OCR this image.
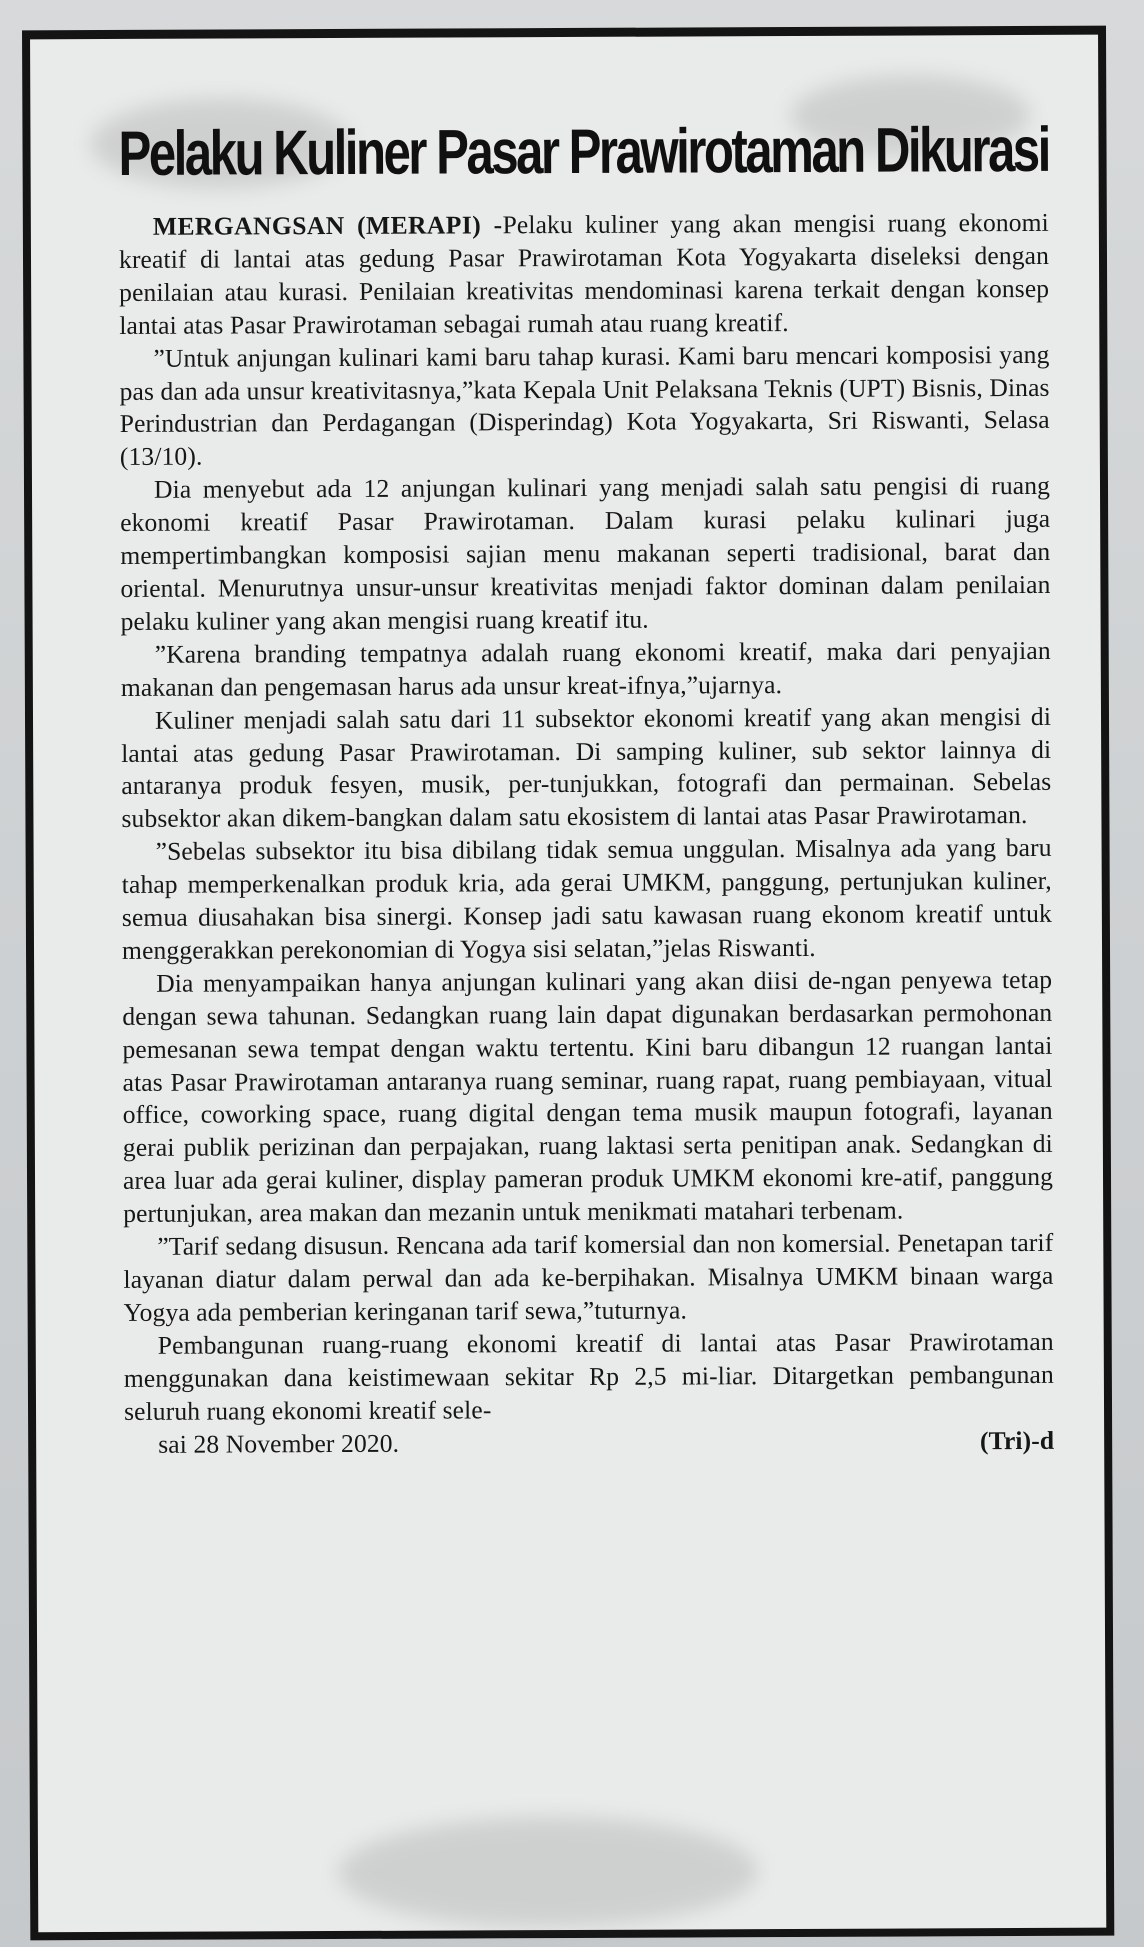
Pelaku Kuliner Pasar Prawirotaman Dikurasi

MERGANGSAN (MERAPI) -Pelaku kuliner yang akan mengisi ruang ekonomi kreatif di lantai atas gedung Pasar Prawirotaman Kota Yogyakarta diseleksi dengan penilaian atau kurasi. Penilaian kreativitas mendominasi karena terkait dengan konsep lantai atas Pasar Prawirotaman sebagai rumah atau ruang kreatif.

”Untuk anjungan kulinari kami baru tahap kurasi. Kami baru mencari komposisi yang pas dan ada unsur kreativitasnya,”kata Kepala Unit Pelaksana Teknis (UPT) Bisnis, Dinas Perindustrian dan Perdagangan (Disperindag) Kota Yogyakarta, Sri Riswanti, Selasa (13/10).

Dia menyebut ada 12 anjungan kulinari yang menjadi salah satu pengisi di ruang ekonomi kreatif Pasar Prawirotaman. Dalam kurasi pelaku kulinari juga mempertimbangkan komposisi sajian menu makanan seperti tradisional, barat dan oriental. Menurutnya unsur-unsur kreativitas menjadi faktor dominan dalam penilaian pelaku kuliner yang akan mengisi ruang kreatif itu.

”Karena branding tempatnya adalah ruang ekonomi kreatif, maka dari penyajian makanan dan pengemasan harus ada unsur kreat-ifnya,”ujarnya.

Kuliner menjadi salah satu dari 11 subsektor ekonomi kreatif yang akan mengisi di lantai atas gedung Pasar Prawirotaman. Di samping kuliner, sub sektor lainnya di antaranya produk fesyen, musik, per-tunjukkan, fotografi dan permainan. Sebelas subsektor akan dikem-bangkan dalam satu ekosistem di lantai atas Pasar Prawirotaman.

”Sebelas subsektor itu bisa dibilang tidak semua unggulan. Misalnya ada yang baru tahap memperkenalkan produk kria, ada gerai UMKM, panggung, pertunjukan kuliner, semua diusahakan bisa sinergi. Konsep jadi satu kawasan ruang ekonom kreatif untuk menggerakkan perekonomian di Yogya sisi selatan,”jelas Riswanti.

Dia menyampaikan hanya anjungan kulinari yang akan diisi de-ngan penyewa tetap dengan sewa tahunan. Sedangkan ruang lain dapat digunakan berdasarkan permohonan pemesanan sewa tempat dengan waktu tertentu. Kini baru dibangun 12 ruangan lantai atas Pasar Prawirotaman antaranya ruang seminar, ruang rapat, ruang pembiayaan, vitual office, coworking space, ruang digital dengan tema musik maupun fotografi, layanan gerai publik perizinan dan perpajakan, ruang laktasi serta penitipan anak. Sedangkan di area luar ada gerai kuliner, display pameran produk UMKM ekonomi kre-atif, panggung pertunjukan, area makan dan mezanin untuk menikmati matahari terbenam.

”Tarif sedang disusun. Rencana ada tarif komersial dan non komersial. Penetapan tarif layanan diatur dalam perwal dan ada ke-berpihakan. Misalnya UMKM binaan warga Yogya ada pemberian keringanan tarif sewa,”tuturnya.

Pembangunan ruang-ruang ekonomi kreatif di lantai atas Pasar Prawirotaman menggunakan dana keistimewaan sekitar Rp 2,5 mi-liar. Ditargetkan pembangunan seluruh ruang ekonomi kreatif sele-

sai 28 November 2020.	(Tri)-d
